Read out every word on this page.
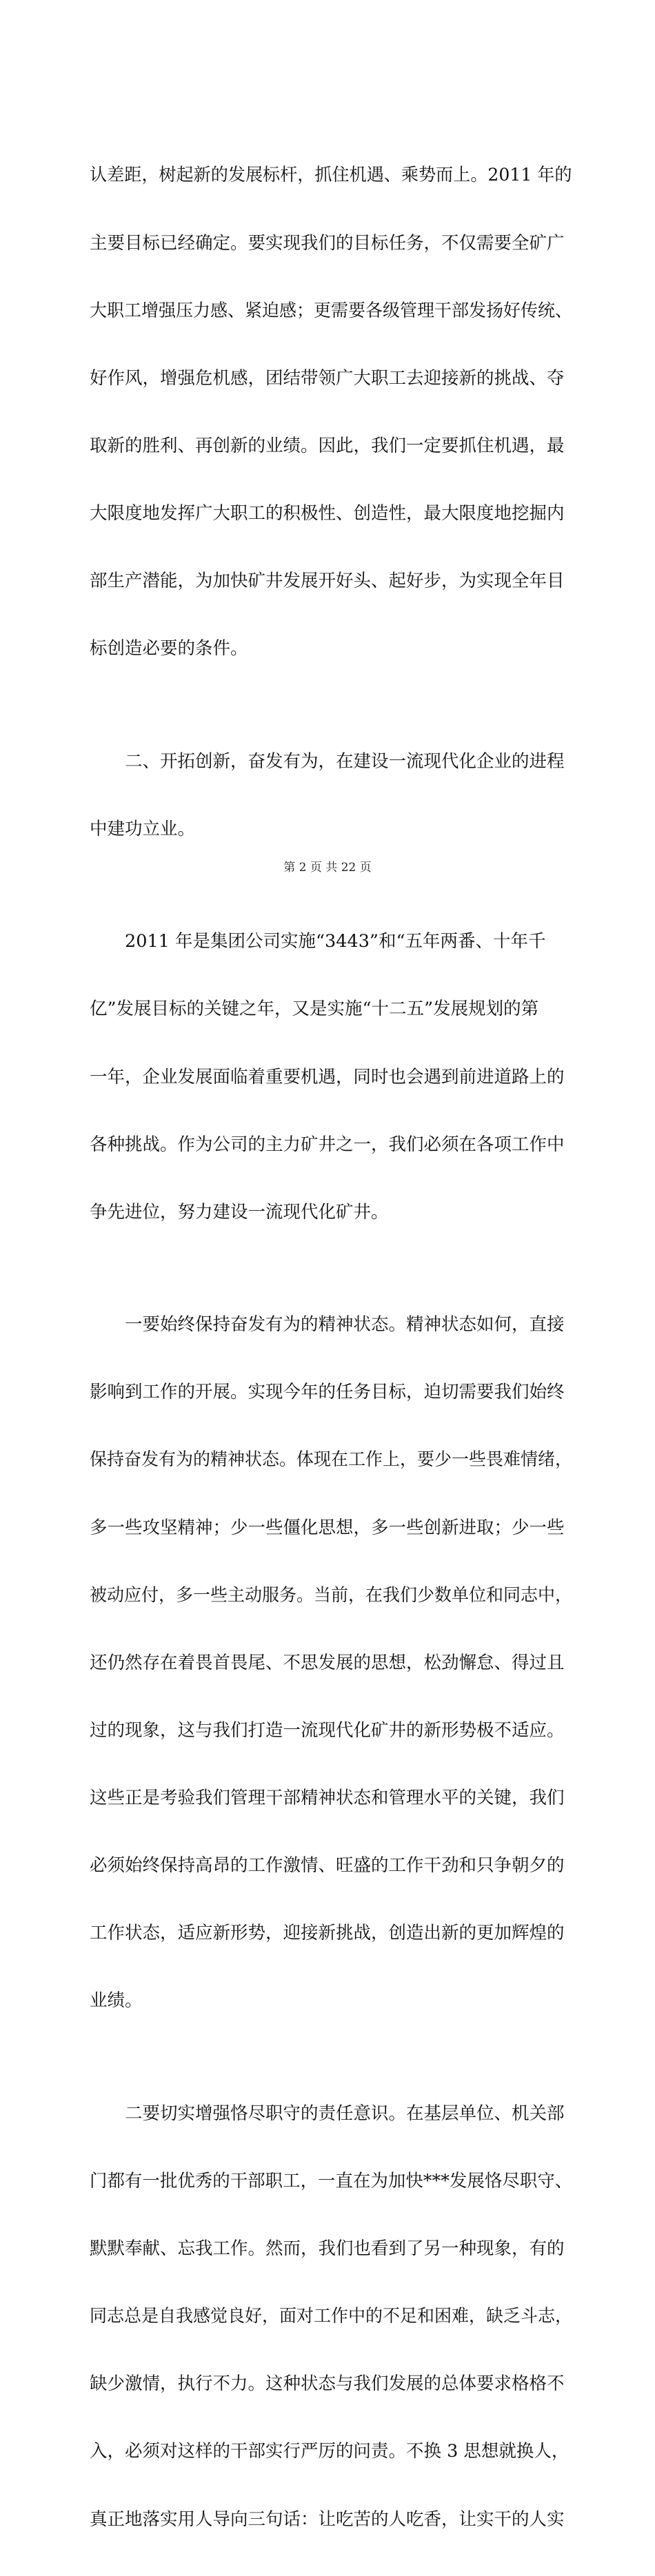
认差距，树起新的发展标杆，抓住机遇、乘势而上。2011 年的

主要目标已经确定。要实现我们的目标任务，不仅需要全矿广

大职工增强压力感、紧迫感；更需要各级管理干部发扬好传统、

好作风，增强危机感，团结带领广大职工去迎接新的挑战、夺

取新的胜利、再创新的业绩。因此，我们一定要抓住机遇，最

大限度地发挥广大职工的积极性、创造性，最大限度地挖掘内

部生产潜能，为加快矿井发展开好头、起好步，为实现全年目

标创造必要的条件。

　　二、开拓创新，奋发有为，在建设一流现代化企业的进程

中建功立业。

　　2011 年是集团公司实施“3443”和“五年两番、十年千

亿”发展目标的关键之年，又是实施“十二五”发展规划的第

一年，企业发展面临着重要机遇，同时也会遇到前进道路上的

各种挑战。作为公司的主力矿井之一，我们必须在各项工作中

争先进位，努力建设一流现代化矿井。

　　一要始终保持奋发有为的精神状态。精神状态如何，直接

影响到工作的开展。实现今年的任务目标，迫切需要我们始终

保持奋发有为的精神状态。体现在工作上，要少一些畏难情绪，

多一些攻坚精神；少一些僵化思想，多一些创新进取；少一些

被动应付，多一些主动服务。当前，在我们少数单位和同志中，

还仍然存在着畏首畏尾、不思发展的思想，松劲懈怠、得过且

过的现象，这与我们打造一流现代化矿井的新形势极不适应。

这些正是考验我们管理干部精神状态和管理水平的关键，我们

必须始终保持高昂的工作激情、旺盛的工作干劲和只争朝夕的

工作状态，适应新形势，迎接新挑战，创造出新的更加辉煌的

业绩。

　　二要切实增强恪尽职守的责任意识。在基层单位、机关部

门都有一批优秀的干部职工，一直在为加快***发展恪尽职守、

默默奉献、忘我工作。然而，我们也看到了另一种现象，有的

同志总是自我感觉良好，面对工作中的不足和困难，缺乏斗志，

缺少激情，执行不力。这种状态与我们发展的总体要求格格不

入，必须对这样的干部实行严厉的问责。不换 3 思想就换人，

真正地落实用人导向三句话：让吃苦的人吃香，让实干的人实

第 2 页 共 22 页
